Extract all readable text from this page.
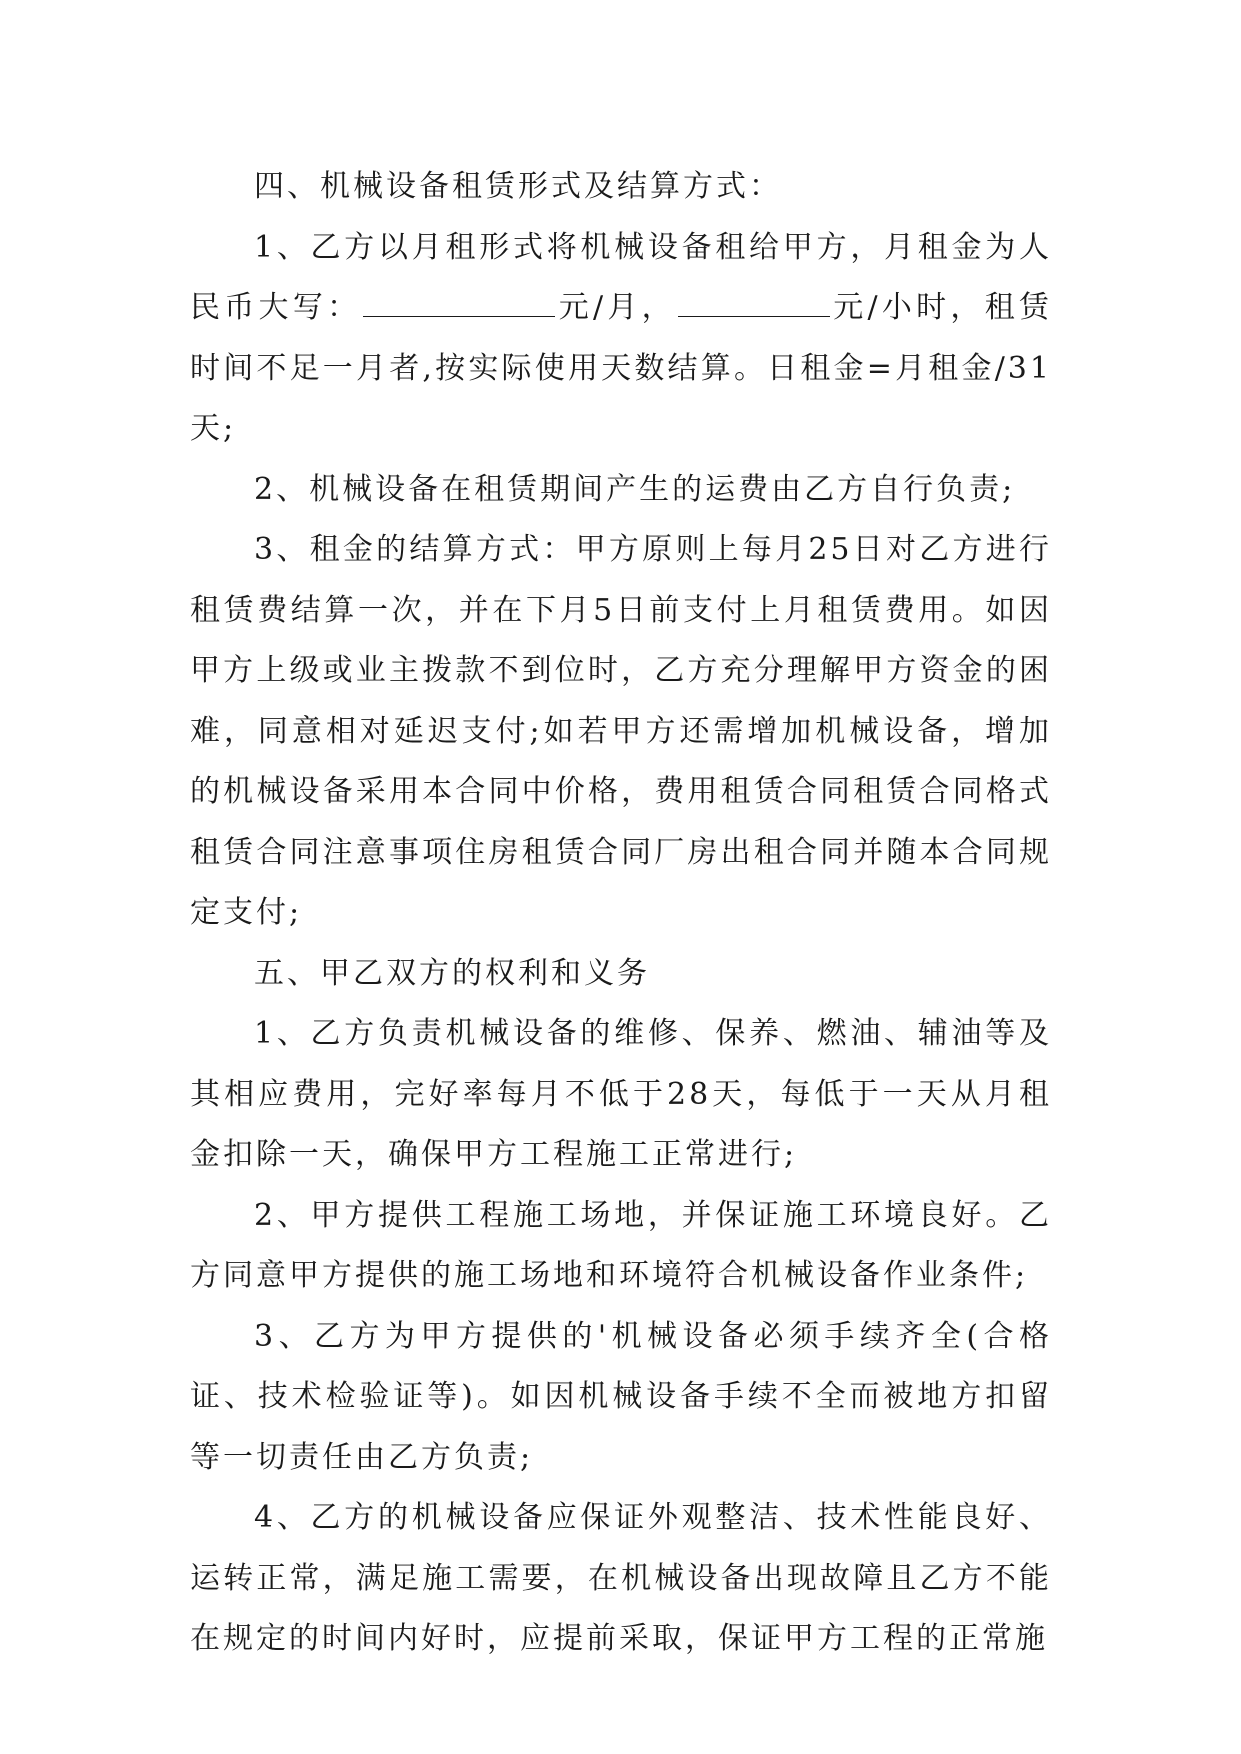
四、机械设备租赁形式及结算方式：

1、乙方以月租形式将机械设备租给甲方，月租金为人民币大写：	元/月，	元/小时，租赁时间不足一月者,按实际使用天数结算。日租金=月租金/31天;

2、机械设备在租赁期间产生的运费由乙方自行负责;

3、租金的结算方式：甲方原则上每月25日对乙方进行租赁费结算一次，并在下月5日前支付上月租赁费用。如因甲方上级或业主拨款不到位时，乙方充分理解甲方资金的困难，同意相对延迟支付;如若甲方还需增加机械设备，增加的机械设备采用本合同中价格，费用租赁合同租赁合同格式租赁合同注意事项住房租赁合同厂房出租合同并随本合同规定支付;

五、甲乙双方的权利和义务

1、乙方负责机械设备的维修、保养、燃油、辅油等及其相应费用，完好率每月不低于28天，每低于一天从月租金扣除一天，确保甲方工程施工正常进行;

2、甲方提供工程施工场地，并保证施工环境良好。乙方同意甲方提供的施工场地和环境符合机械设备作业条件;

3、乙方为甲方提供的'机械设备必须手续齐全(合格证、技术检验证等)。如因机械设备手续不全而被地方扣留等一切责任由乙方负责;

4、乙方的机械设备应保证外观整洁、技术性能良好、运转正常，满足施工需要，在机械设备出现故障且乙方不能在规定的时间内好时，应提前采取，保证甲方工程的正常施
